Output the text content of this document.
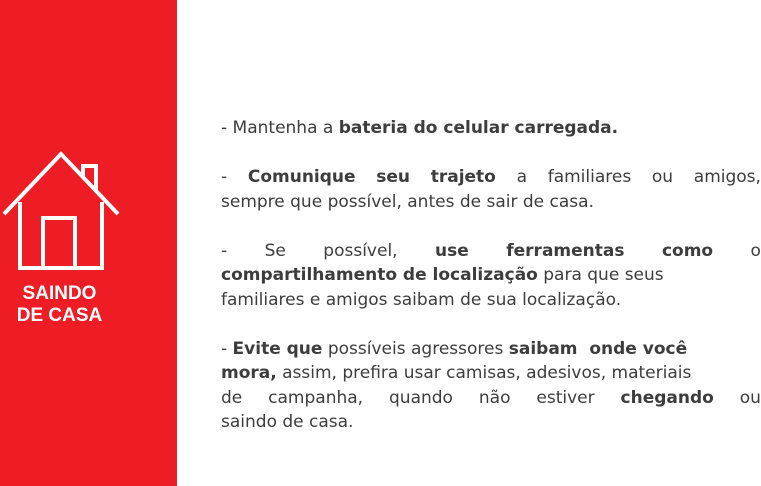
SAINDO
DE CASA
- Mantenha a bateria do celular carregada.
- Comunique seu trajeto a familiares ou amigos,
sempre que possível, antes de sair de casa.
- Se possível, use ferramentas como o
compartilhamento de localização para que seus
familiares e amigos saibam de sua localização.
- Evite que possíveis agressores saibam  onde você
mora, assim, prefira usar camisas, adesivos, materiais
de campanha, quando não estiver chegando ou
saindo de casa.
